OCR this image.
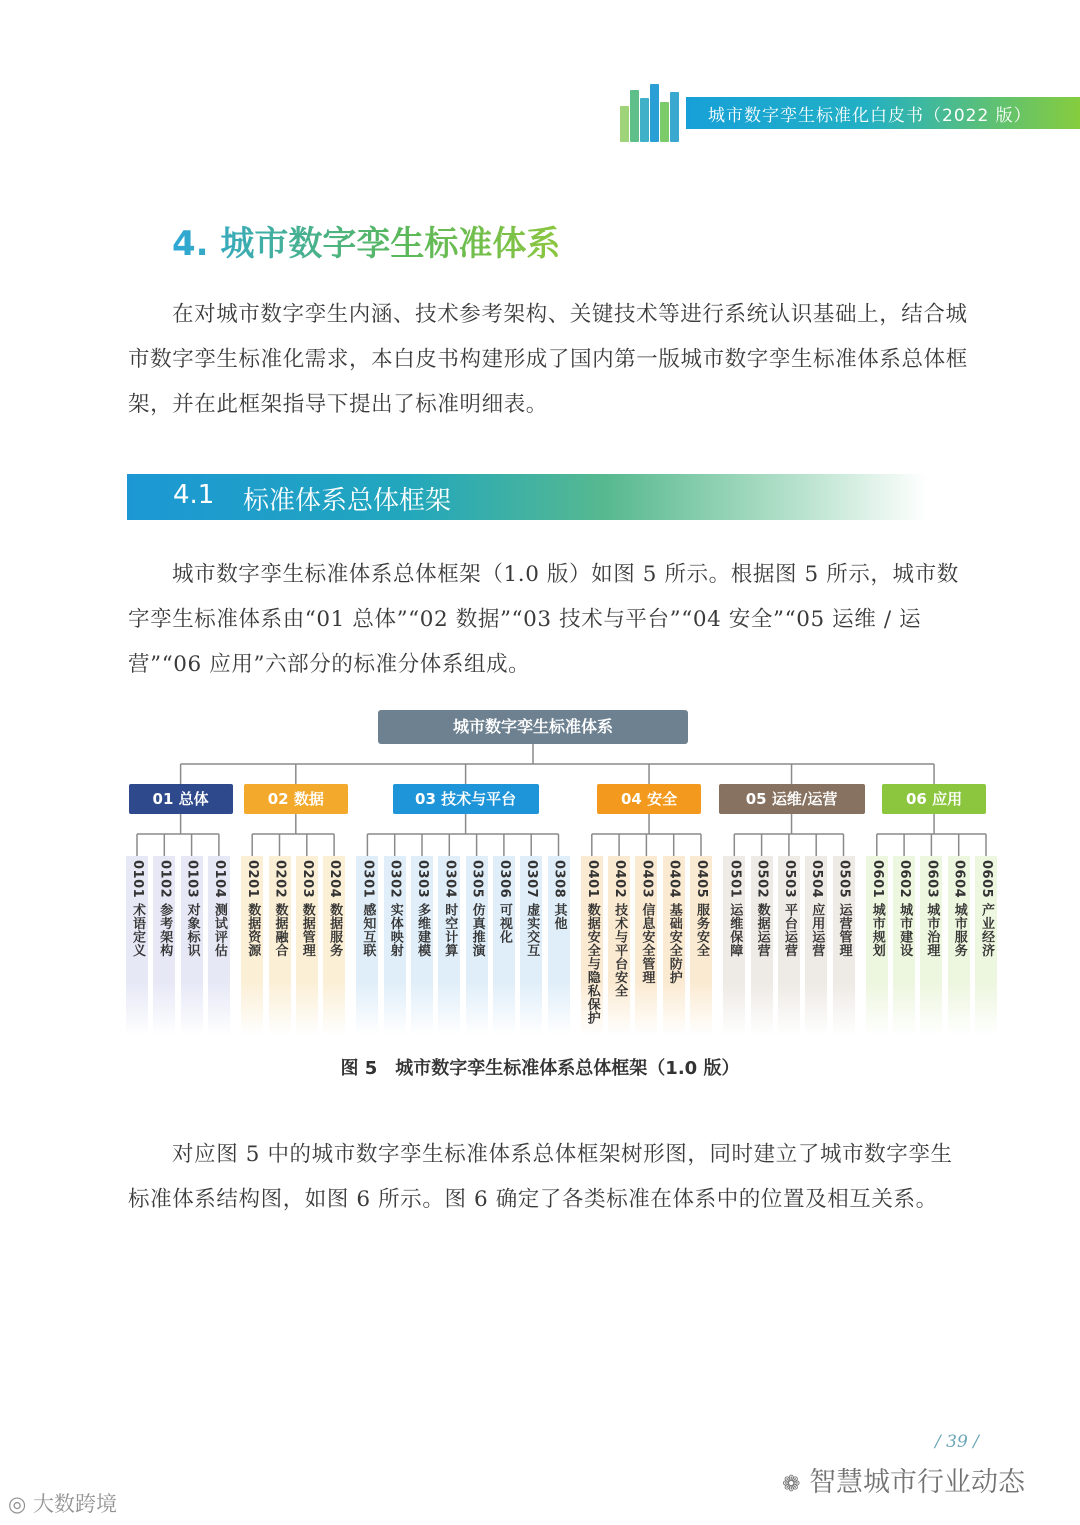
城市数字孪生标准化白皮书（2022 版）
4. 城市数字孪生标准体系

在对城市数字孪生内涵、技术参考架构、关键技术等进行系统认识基础上，结合城市数字孪生标准化需求，本白皮书构建形成了国内第一版城市数字孪生标准体系总体框架，并在此框架指导下提出了标准明细表。

4.1 标准体系总体框架

城市数字孪生标准体系总体框架（1.0 版）如图 5 所示。根据图 5 所示，城市数字孪生标准体系由“01 总体”“02 数据”“03 技术与平台”“04 安全”“05 运维 / 运营”“06 应用”六部分的标准分体系组成。

城市数字孪生标准体系
01 总体	02 数据	03 技术与平台	04 安全	05 运维/运营	06 应用
0101 术语定义 0102 参考架构 0103 对象标识 0104 测试评估	0201 数据资源 0202 数据融合 0203 数据管理 0204 数据服务	0301 感知互联 0302 实体映射 0303 多维建模 0304 时空计算 0305 仿真推演 0306 可视化 0307 虚实交互 0308 其他	0401 数据安全与隐私保护 0402 技术与平台安全 0403 信息安全管理 0404 基础安全防护 0405 服务安全	0501 运维保障 0502 数据运营 0503 平台运营 0504 应用运营 0505 运营管理	0601 城市规划 0602 城市建设 0603 城市治理 0604 城市服务 0605 产业经济
图 5　城市数字孪生标准体系总体框架（1.0 版）

对应图 5 中的城市数字孪生标准体系总体框架树形图，同时建立了城市数字孪生标准体系结构图，如图 6 所示。图 6 确定了各类标准在体系中的位置及相互关系。

/ 39 /
❁ 智慧城市行业动态
◎ 大数跨境
